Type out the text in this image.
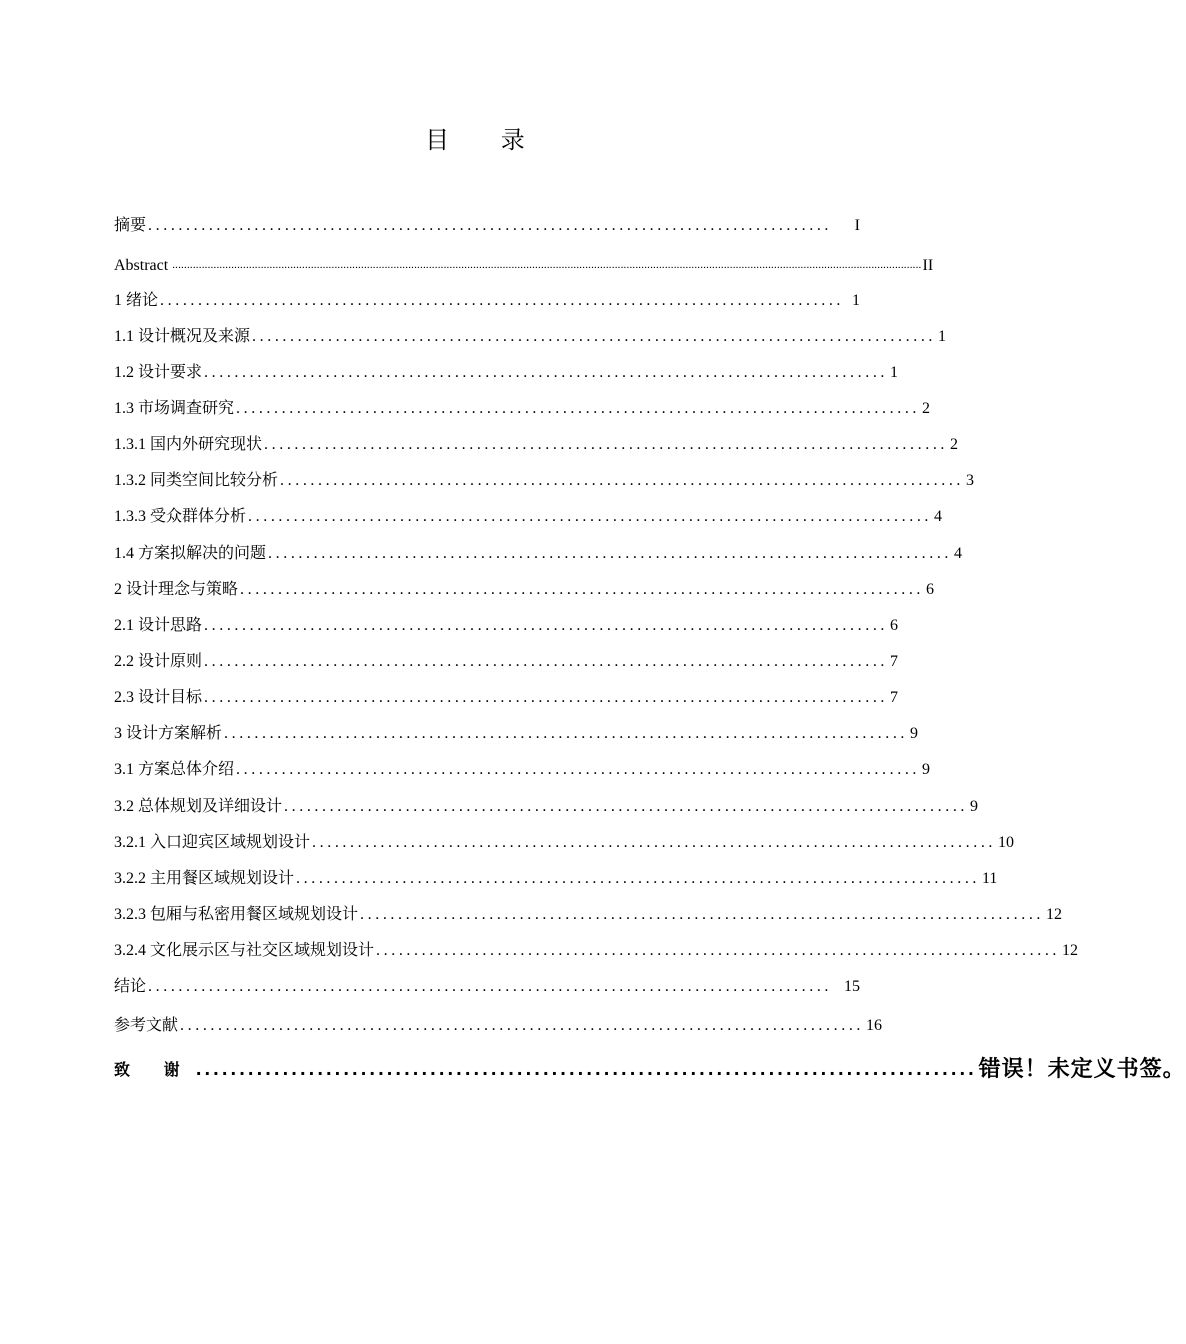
目 录
摘要 ..........................................................................................	I
Abstract .............................................................................................................................................................................................................................................................. II
1 绪论 .......................................................................................... 1
1.1 设计概况及来源 .......................................................................................... 1
1.2 设计要求 .......................................................................................... 1
1.3 市场调查研究 .......................................................................................... 2
1.3.1 国内外研究现状 .......................................................................................... 2
1.3.2 同类空间比较分析 .......................................................................................... 3
1.3.3 受众群体分析 .......................................................................................... 4
1.4 方案拟解决的问题 .......................................................................................... 4
2 设计理念与策略 .......................................................................................... 6
2.1 设计思路 .......................................................................................... 6
2.2 设计原则 .......................................................................................... 7
2.3 设计目标 .......................................................................................... 7
3 设计方案解析 .......................................................................................... 9
3.1 方案总体介绍 .......................................................................................... 9
3.2 总体规划及详细设计 .......................................................................................... 9
3.2.1 入口迎宾区域规划设计 .......................................................................................... 10
3.2.2 主用餐区域规划设计 .......................................................................................... 11
3.2.3 包厢与私密用餐区域规划设计 .......................................................................................... 12
3.2.4 文化展示区与社交区域规划设计 .......................................................................................... 12
结论 .......................................................................................... 15
参考文献 .......................................................................................... 16
致 谢 .......................................................................................... 错误！未定义书签。
